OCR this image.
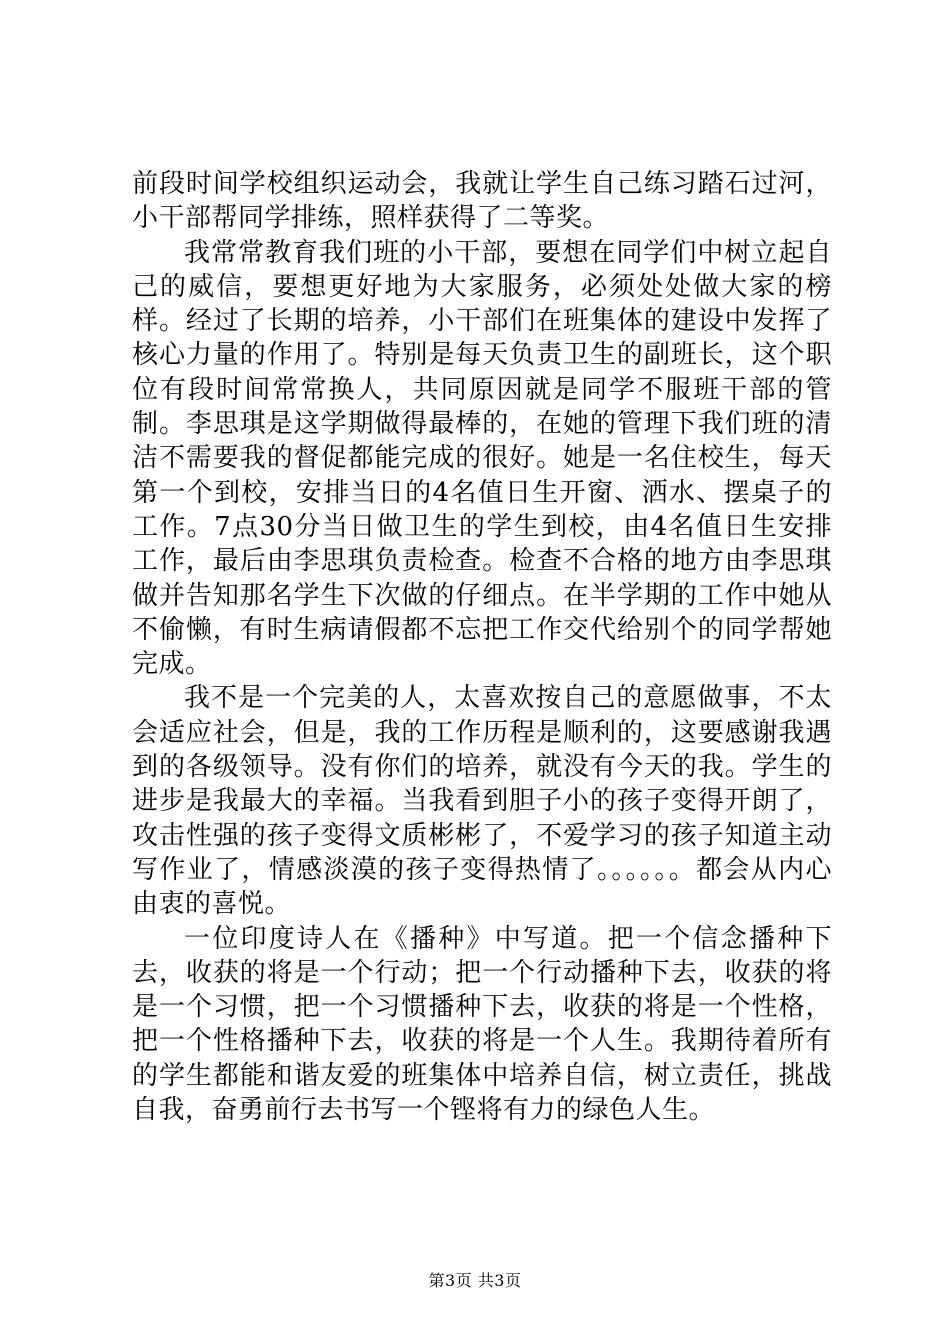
前段时间学校组织运动会，我就让学生自己练习踏石过河，小干部帮同学排练，照样获得了二等奖。

我常常教育我们班的小干部，要想在同学们中树立起自己的威信，要想更好地为大家服务，必须处处做大家的榜样。经过了长期的培养，小干部们在班集体的建设中发挥了核心力量的作用了。特别是每天负责卫生的副班长，这个职位有段时间常常换人，共同原因就是同学不服班干部的管制。李思琪是这学期做得最棒的，在她的管理下我们班的清洁不需要我的督促都能完成的很好。她是一名住校生，每天第一个到校，安排当日的4名值日生开窗、洒水、摆桌子的工作。7点30分当日做卫生的学生到校，由4名值日生安排工作，最后由李思琪负责检查。检查不合格的地方由李思琪做并告知那名学生下次做的仔细点。在半学期的工作中她从不偷懒，有时生病请假都不忘把工作交代给别个的同学帮她完成。

我不是一个完美的人，太喜欢按自己的意愿做事，不太会适应社会，但是，我的工作历程是顺利的，这要感谢我遇到的各级领导。没有你们的培养，就没有今天的我。学生的进步是我最大的幸福。当我看到胆子小的孩子变得开朗了，攻击性强的孩子变得文质彬彬了，不爱学习的孩子知道主动写作业了，情感淡漠的孩子变得热情了。。。。。。都会从内心由衷的喜悦。

一位印度诗人在《播种》中写道。把一个信念播种下去，收获的将是一个行动；把一个行动播种下去，收获的将是一个习惯，把一个习惯播种下去，收获的将是一个性格，把一个性格播种下去，收获的将是一个人生。我期待着所有的学生都能和谐友爱的班集体中培养自信，树立责任，挑战自我，奋勇前行去书写一个铿将有力的绿色人生。

第3页 共3页
